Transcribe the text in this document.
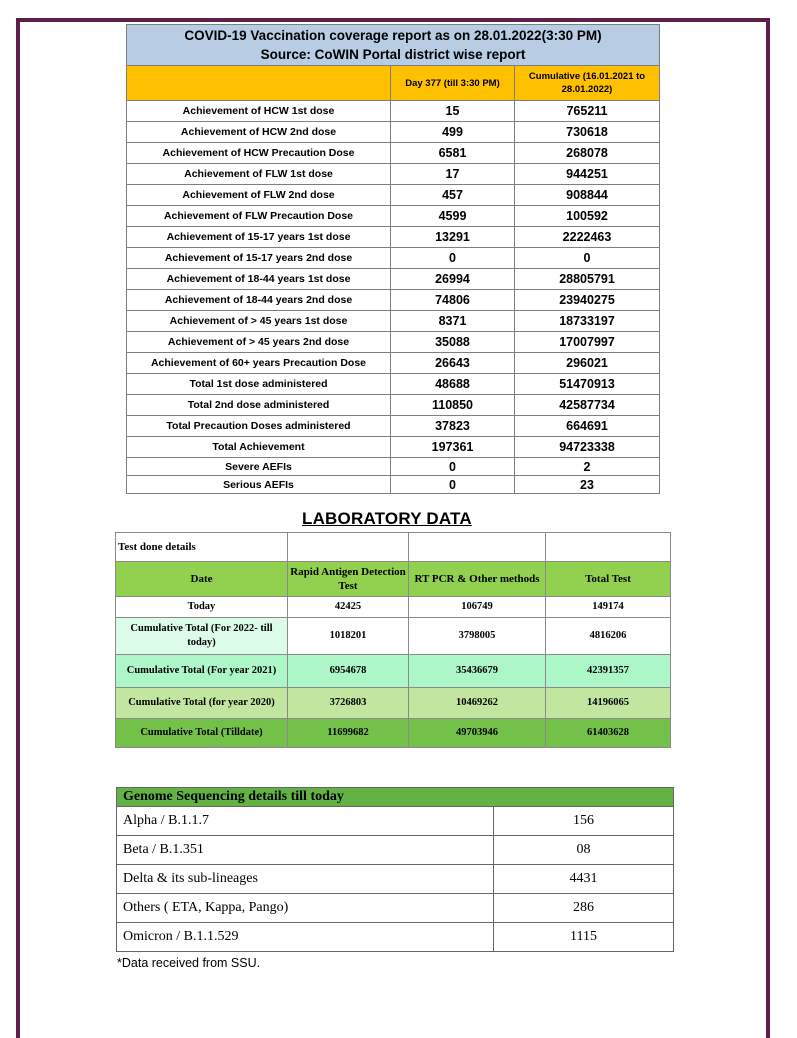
COVID-19 Vaccination coverage report as on 28.01.2022(3:30 PM)
Source: CoWIN Portal district wise report		
	Day 377 (till 3:30 PM)	Cumulative (16.01.2021 to 28.01.2022)
Achievement of HCW 1st dose	15	765211
Achievement of HCW 2nd dose	499	730618
Achievement of HCW Precaution Dose	6581	268078
Achievement of FLW 1st dose	17	944251
Achievement of FLW 2nd dose	457	908844
Achievement of FLW Precaution Dose	4599	100592
Achievement of 15-17 years 1st dose	13291	2222463
Achievement of 15-17 years 2nd dose	0	0
Achievement of 18-44 years 1st dose	26994	28805791
Achievement of 18-44 years 2nd dose	74806	23940275
Achievement of > 45 years 1st dose	8371	18733197
Achievement of > 45 years 2nd dose	35088	17007997
Achievement of 60+ years Precaution Dose	26643	296021
Total 1st dose administered	48688	51470913
Total 2nd dose administered	110850	42587734
Total Precaution Doses administered	37823	664691
Total Achievement	197361	94723338
Severe AEFIs	0	2
Serious AEFIs	0	23
LABORATORY DATA
Test done details			
Date	Rapid Antigen Detection Test	RT PCR & Other methods	Total Test
Today	42425	106749	149174
Cumulative Total (For 2022- till today)	1018201	3798005	4816206
Cumulative Total (For year 2021)	6954678	35436679	42391357
Cumulative Total (for year 2020)	3726803	10469262	14196065
Cumulative Total (Tilldate)	11699682	49703946	61403628
Genome Sequencing details till today	
Alpha / B.1.1.7	156
Beta / B.1.351	08
Delta & its sub-lineages	4431
Others ( ETA, Kappa, Pango)	286
Omicron / B.1.1.529	1115
*Data received from SSU.
